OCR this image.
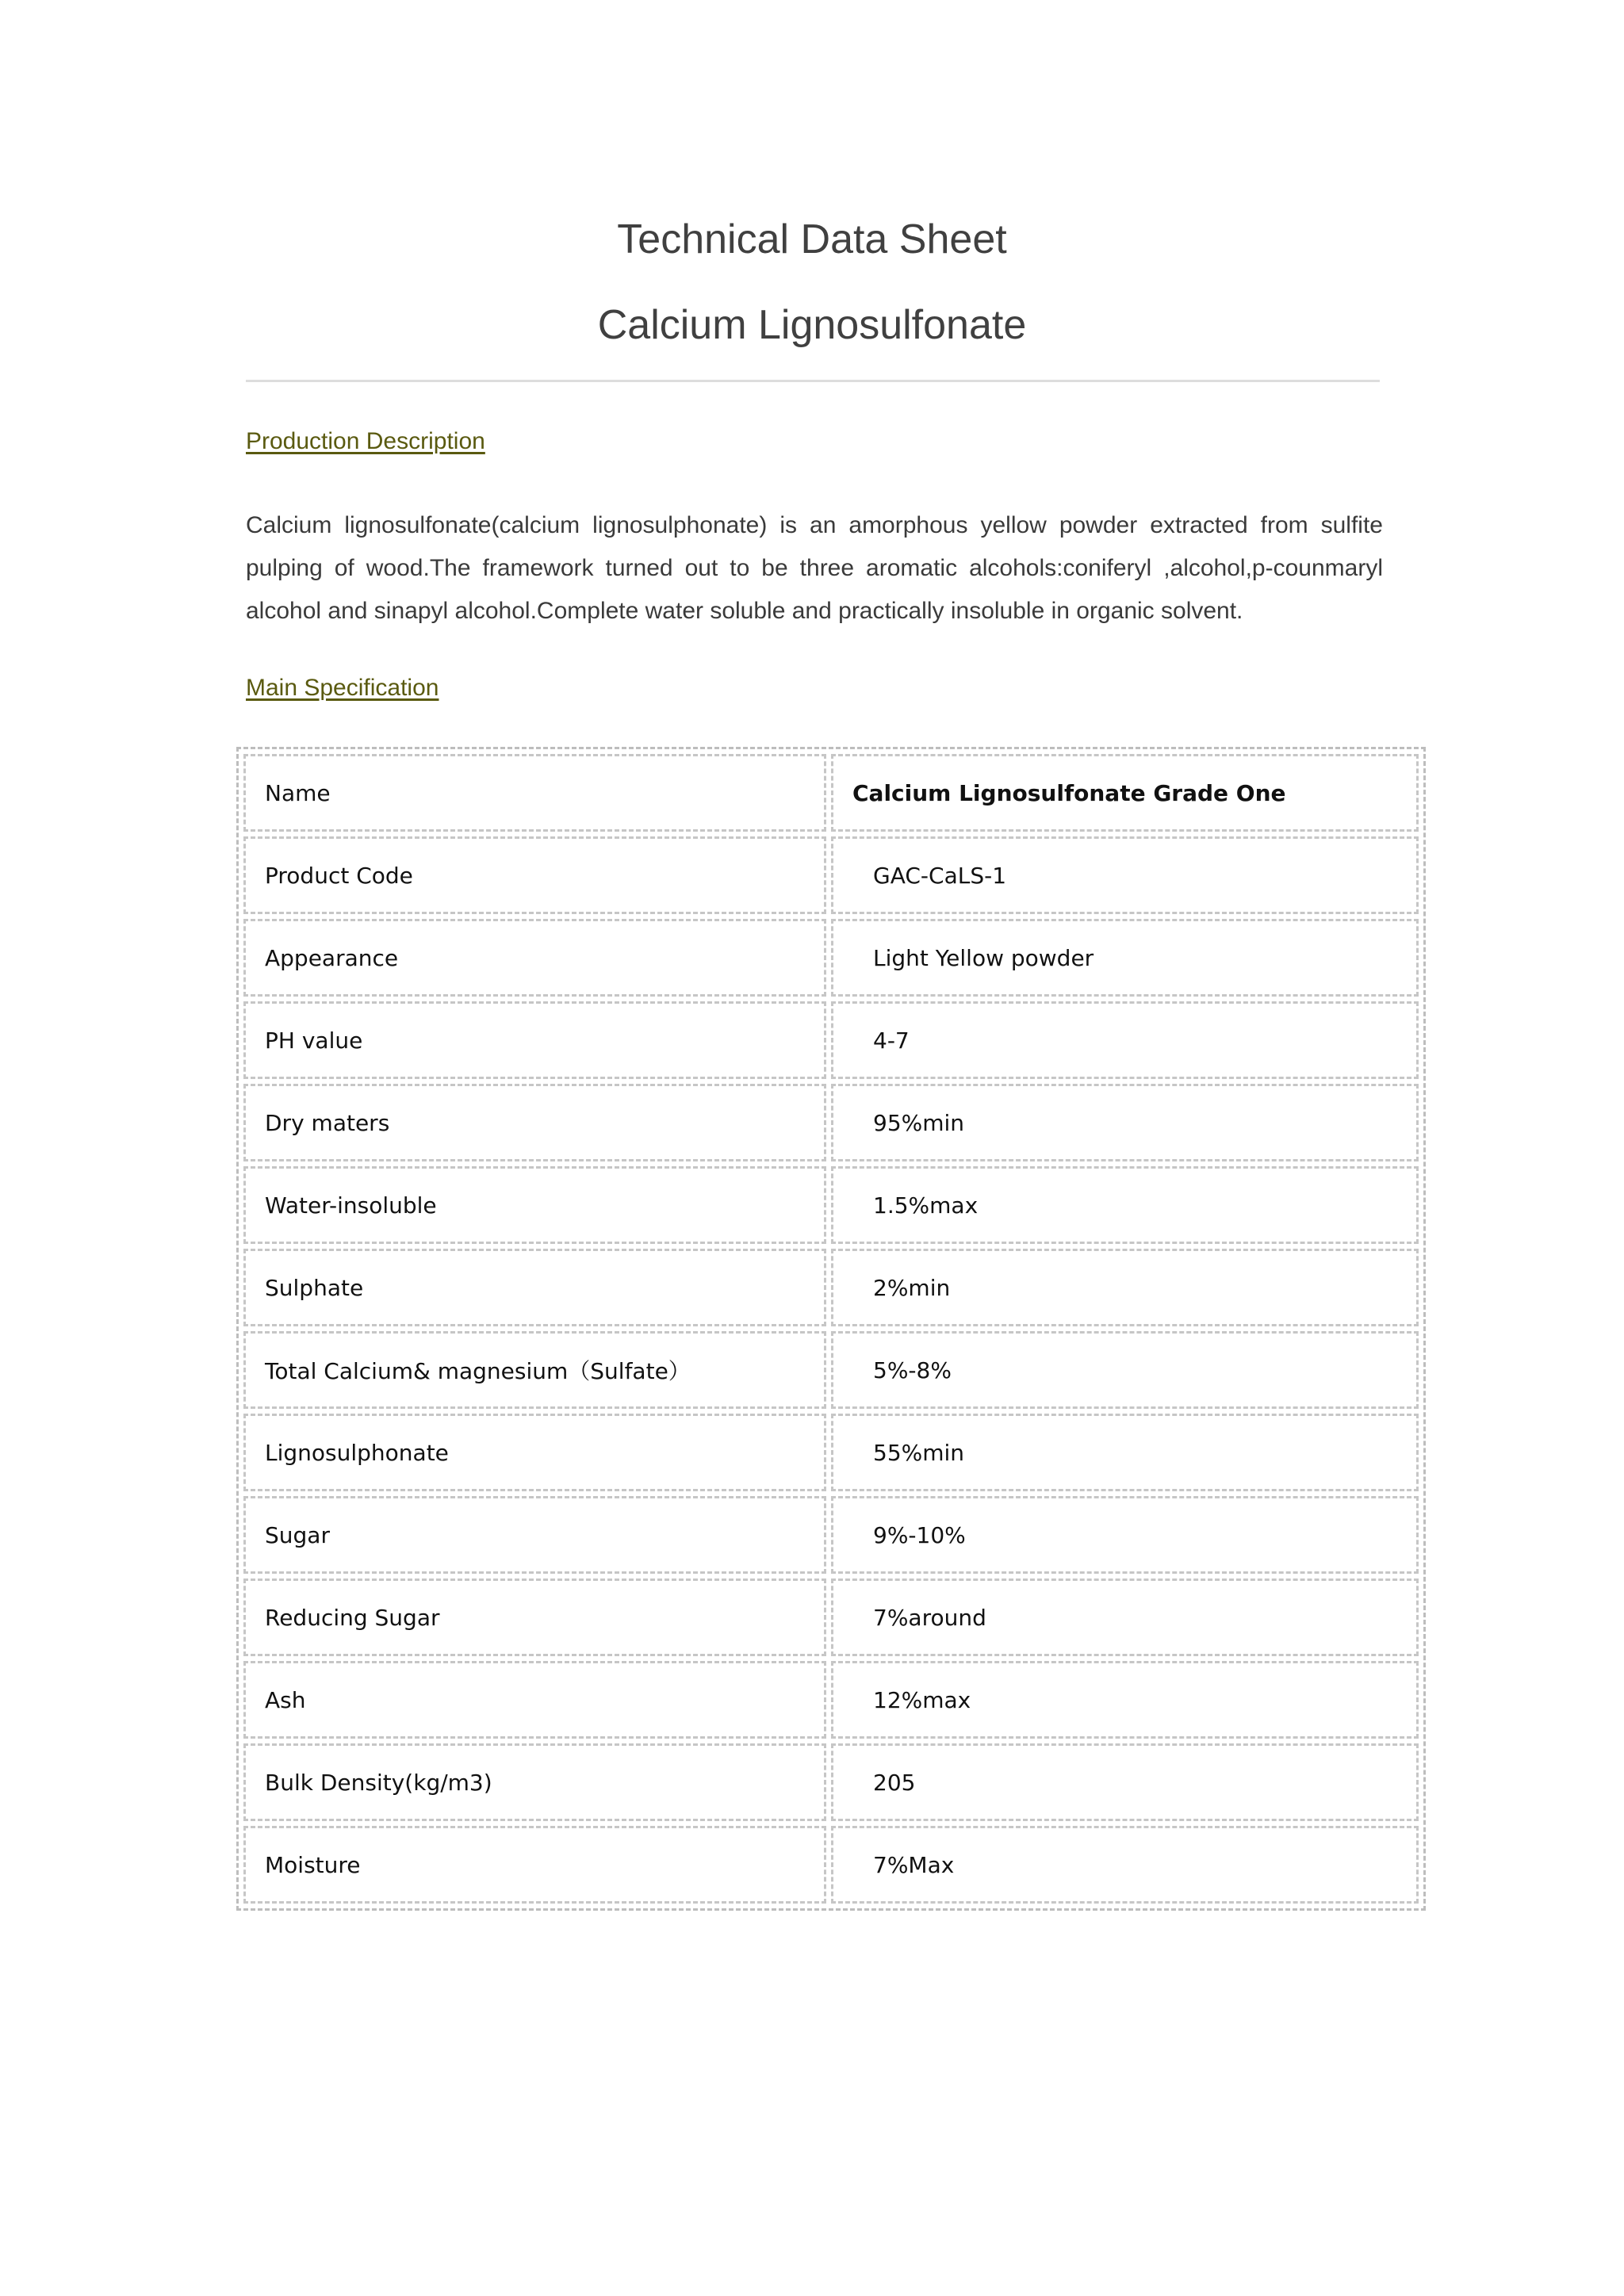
Technical Data Sheet
Calcium Lignosulfonate
Production Description
Calcium lignosulfonate(calcium lignosulphonate) is an amorphous yellow powder extracted from sulfite pulping of wood.The framework turned out to be three aromatic alcohols:coniferyl ,alcohol,p-counmaryl alcohol and sinapyl alcohol.Complete water soluble and practically insoluble in organic solvent.
Main Specification
Name	Calcium Lignosulfonate Grade One
Product Code	GAC-CaLS-1
Appearance	Light Yellow powder
PH value	4-7
Dry maters	95%min
Water-insoluble	1.5%max
Sulphate	2%min
Total Calcium& magnesium（Sulfate）	5%-8%
Lignosulphonate	55%min
Sugar	9%-10%
Reducing Sugar	7%around
Ash	12%max
Bulk Density(kg/m3)	205
Moisture	7%Max
